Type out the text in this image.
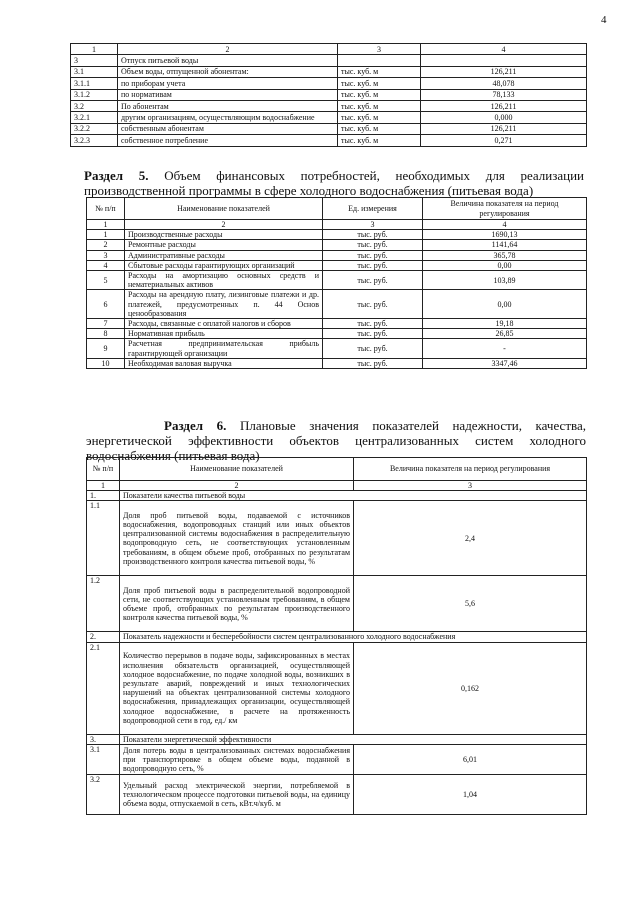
4
1	2	3	4
3	Отпуск питьевой воды		
3.1	Объем воды, отпущенной абонентам:	тыс. куб. м	126,211
3.1.1	по приборам учета	тыс. куб. м	48,078
3.1.2	по нормативам	тыс. куб. м	78,133
3.2	По абонентам	тыс. куб. м	126,211
3.2.1	другим организациям, осуществляющим водоснабжение	тыс. куб. м	0,000
3.2.2	собственным абонентам	тыс. куб. м	126,211
3.2.3	собственное потребление	тыс. куб. м	0,271
Раздел 5. Объем финансовых потребностей, необходимых для реализации производственной программы в сфере холодного водоснабжения (питьевая вода)
№ п/п	Наименование показателей	Ед. измерения	Величина показателя на период регулирования
1	2	3	4
1	Производственные расходы	тыс. руб.	1690,13
2	Ремонтные расходы	тыс. руб.	1141,64
3	Административные расходы	тыс. руб.	365,78
4	Сбытовые расходы гарантирующих организаций	тыс. руб.	0,00
5	Расходы на амортизацию основных средств и нематериальных активов	тыс. руб.	103,89
6	Расходы на арендную плату, лизинговые платежи и др. платежей, предусмотренных п. 44 Основ ценообразования	тыс. руб.	0,00
7	Расходы, связанные с оплатой налогов и сборов	тыс. руб.	19,18
8	Нормативная прибыль	тыс. руб.	26,85
9	Расчетная предпринимательская прибыль гарантирующей организации	тыс. руб.	-
10	Необходимая валовая выручка	тыс. руб.	3347,46
Раздел 6. Плановые значения показателей надежности, качества, энергетической эффективности объектов централизованных систем холодного водоснабжения (питьевая вода)
№ п/п	Наименование показателей	Величина показателя на период регулирования
1	2	3
1.	Показатели качества питьевой воды	
1.1	Доля проб питьевой воды, подаваемой с источников водоснабжения, водопроводных станций или иных объектов централизованной системы водоснабжения в распределительную водопроводную сеть, не соответствующих установленным требованиям, в общем объеме проб, отобранных по результатам производственного контроля качества питьевой воды, %	2,4
1.2	Доля проб питьевой воды в распределительной водопроводной сети, не соответствующих установленным требованиям, в общем объеме проб, отобранных по результатам производственного контроля качества питьевой воды, %	5,6
2.	Показатель надежности и бесперебойности систем централизованного холодного водоснабжения	
2.1	Количество перерывов в подаче воды, зафиксированных в местах исполнения обязательств организацией, осуществляющей холодное водоснабжение, по подаче холодной воды, возникших в результате аварий, повреждений и иных технологических нарушений на объектах централизованной системы холодного водоснабжения, принадлежащих организации, осуществляющей холодное водоснабжение, в расчете на протяженность водопроводной сети в год, ед./ км	0,162
3.	Показатели энергетической эффективности	
3.1	Доля потерь воды в централизованных системах водоснабжения при транспортировке в общем объеме воды, поданной в водопроводную сеть, %	6,01
3.2	Удельный расход электрической энергии, потребляемой в технологическом процессе подготовки питьевой воды, на единицу объема воды, отпускаемой в сеть, кВт.ч/куб. м	1,04
